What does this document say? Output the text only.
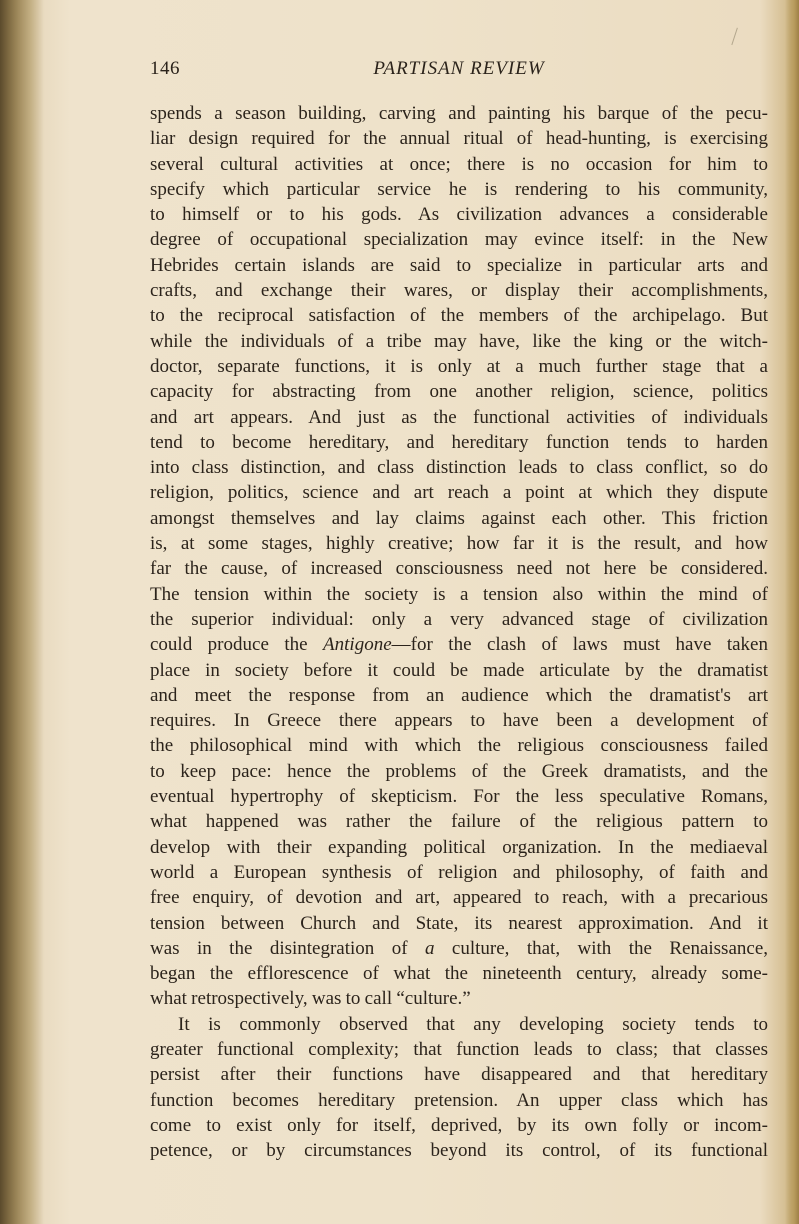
146	PARTISAN REVIEW
spends a season building, carving and painting his barque of the pecu-
liar design required for the annual ritual of head-hunting, is exercising
several cultural activities at once; there is no occasion for him to
specify which particular service he is rendering to his community,
to himself or to his gods. As civilization advances a considerable
degree of occupational specialization may evince itself: in the New
Hebrides certain islands are said to specialize in particular arts and
crafts, and exchange their wares, or display their accomplishments,
to the reciprocal satisfaction of the members of the archipelago. But
while the individuals of a tribe may have, like the king or the witch-
doctor, separate functions, it is only at a much further stage that a
capacity for abstracting from one another religion, science, politics
and art appears. And just as the functional activities of individuals
tend to become hereditary, and hereditary function tends to harden
into class distinction, and class distinction leads to class conflict, so do
religion, politics, science and art reach a point at which they dispute
amongst themselves and lay claims against each other. This friction
is, at some stages, highly creative; how far it is the result, and how
far the cause, of increased consciousness need not here be considered.
The tension within the society is a tension also within the mind of
the superior individual: only a very advanced stage of civilization
could produce the Antigone—for the clash of laws must have taken
place in society before it could be made articulate by the dramatist
and meet the response from an audience which the dramatist's art
requires. In Greece there appears to have been a development of
the philosophical mind with which the religious consciousness failed
to keep pace: hence the problems of the Greek dramatists, and the
eventual hypertrophy of skepticism. For the less speculative Romans,
what happened was rather the failure of the religious pattern to
develop with their expanding political organization. In the mediaeval
world a European synthesis of religion and philosophy, of faith and
free enquiry, of devotion and art, appeared to reach, with a precarious
tension between Church and State, its nearest approximation. And it
was in the disintegration of a culture, that, with the Renaissance,
began the efflorescence of what the nineteenth century, already some-
what retrospectively, was to call “culture.”
It is commonly observed that any developing society tends to
greater functional complexity; that function leads to class; that classes
persist after their functions have disappeared and that hereditary
function becomes hereditary pretension. An upper class which has
come to exist only for itself, deprived, by its own folly or incom-
petence, or by circumstances beyond its control, of its functional
